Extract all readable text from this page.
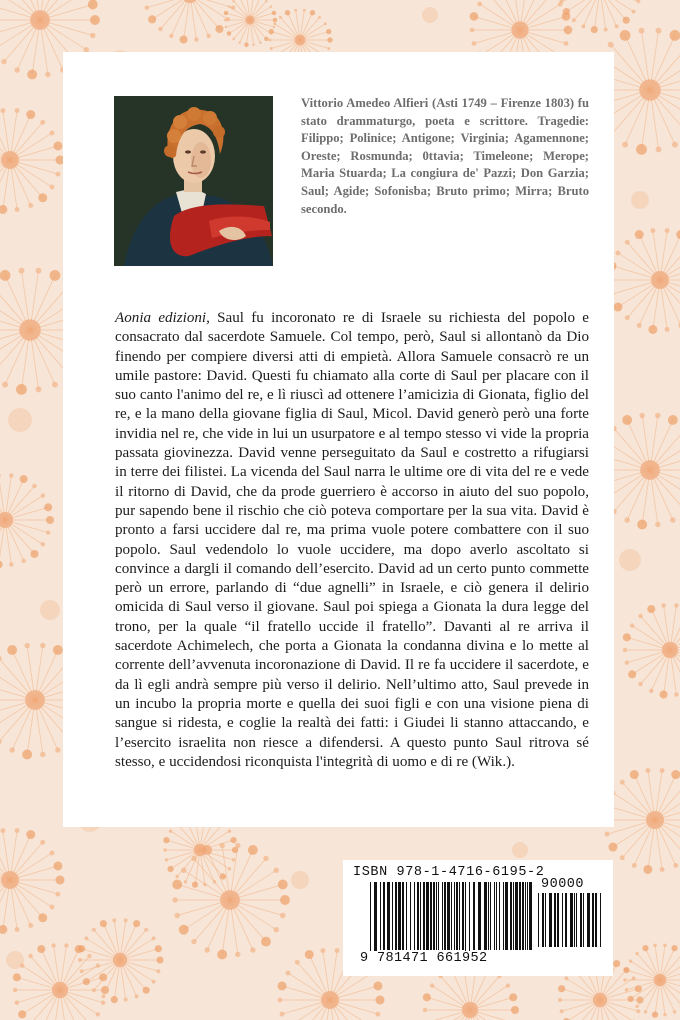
Vittorio Amedeo Alfieri (Asti 1749 – Firenze 1803) fu stato drammaturgo, poeta e scrittore. Tragedie: Filippo; Polinice; Antigone; Virginia; Agamennone; Oreste; Rosmunda; 0ttavia; Timeleone; Merope; Maria Stuarda; La congiura de' Pazzi; Don Garzia; Saul; Agide; Sofonisba; Bruto primo; Mirra; Bruto secondo.

Aonia edizioni, Saul fu incoronato re di Israele su richiesta del popolo e consacrato dal sacerdote Samuele. Col tempo, però, Saul si allontanò da Dio finendo per compiere diversi atti di empietà. Allora Samuele consacrò re un umile pastore: David. Questi fu chiamato alla corte di Saul per placare con il suo canto l'animo del re, e lì riuscì ad ottenere l’amicizia di Gionata, figlio del re, e la mano della giovane figlia di Saul, Micol. David generò però una forte invidia nel re, che vide in lui un usurpatore e al tempo stesso vi vide la propria passata giovinezza. David venne perseguitato da Saul e costretto a rifugiarsi in terre dei filistei. La vicenda del Saul narra le ultime ore di vita del re e vede il ritorno di David, che da prode guerriero è accorso in aiuto del suo popolo, pur sapendo bene il rischio che ciò poteva comportare per la sua vita. David è pronto a farsi uccidere dal re, ma prima vuole potere combattere con il suo popolo. Saul vedendolo lo vuole uccidere, ma dopo averlo ascoltato si convince a dargli il comando dell’esercito. David ad un certo punto commette però un errore, parlando di “due agnelli” in Israele, e ciò genera il delirio omicida di Saul verso il giovane. Saul poi spiega a Gionata la dura legge del trono, per la quale “il fratello uccide il fratello”. Davanti al re arriva il sacerdote Achimelech, che porta a Gionata la condanna divina e lo mette al corrente dell’avvenuta incoronazione di David. Il re fa uccidere il sacerdote, e da lì egli andrà sempre più verso il delirio. Nell’ultimo atto, Saul prevede in un incubo la propria morte e quella dei suoi figli e con una visione piena di sangue si ridesta, e coglie la realtà dei fatti: i Giudei li stanno attaccando, e l’esercito israelita non riesce a difendersi. A questo punto Saul ritrova sé stesso, e uccidendosi riconquista l'integrità di uomo e di re (Wik.).

ISBN 978-1-4716-6195-2
90000
9 781471 661952
